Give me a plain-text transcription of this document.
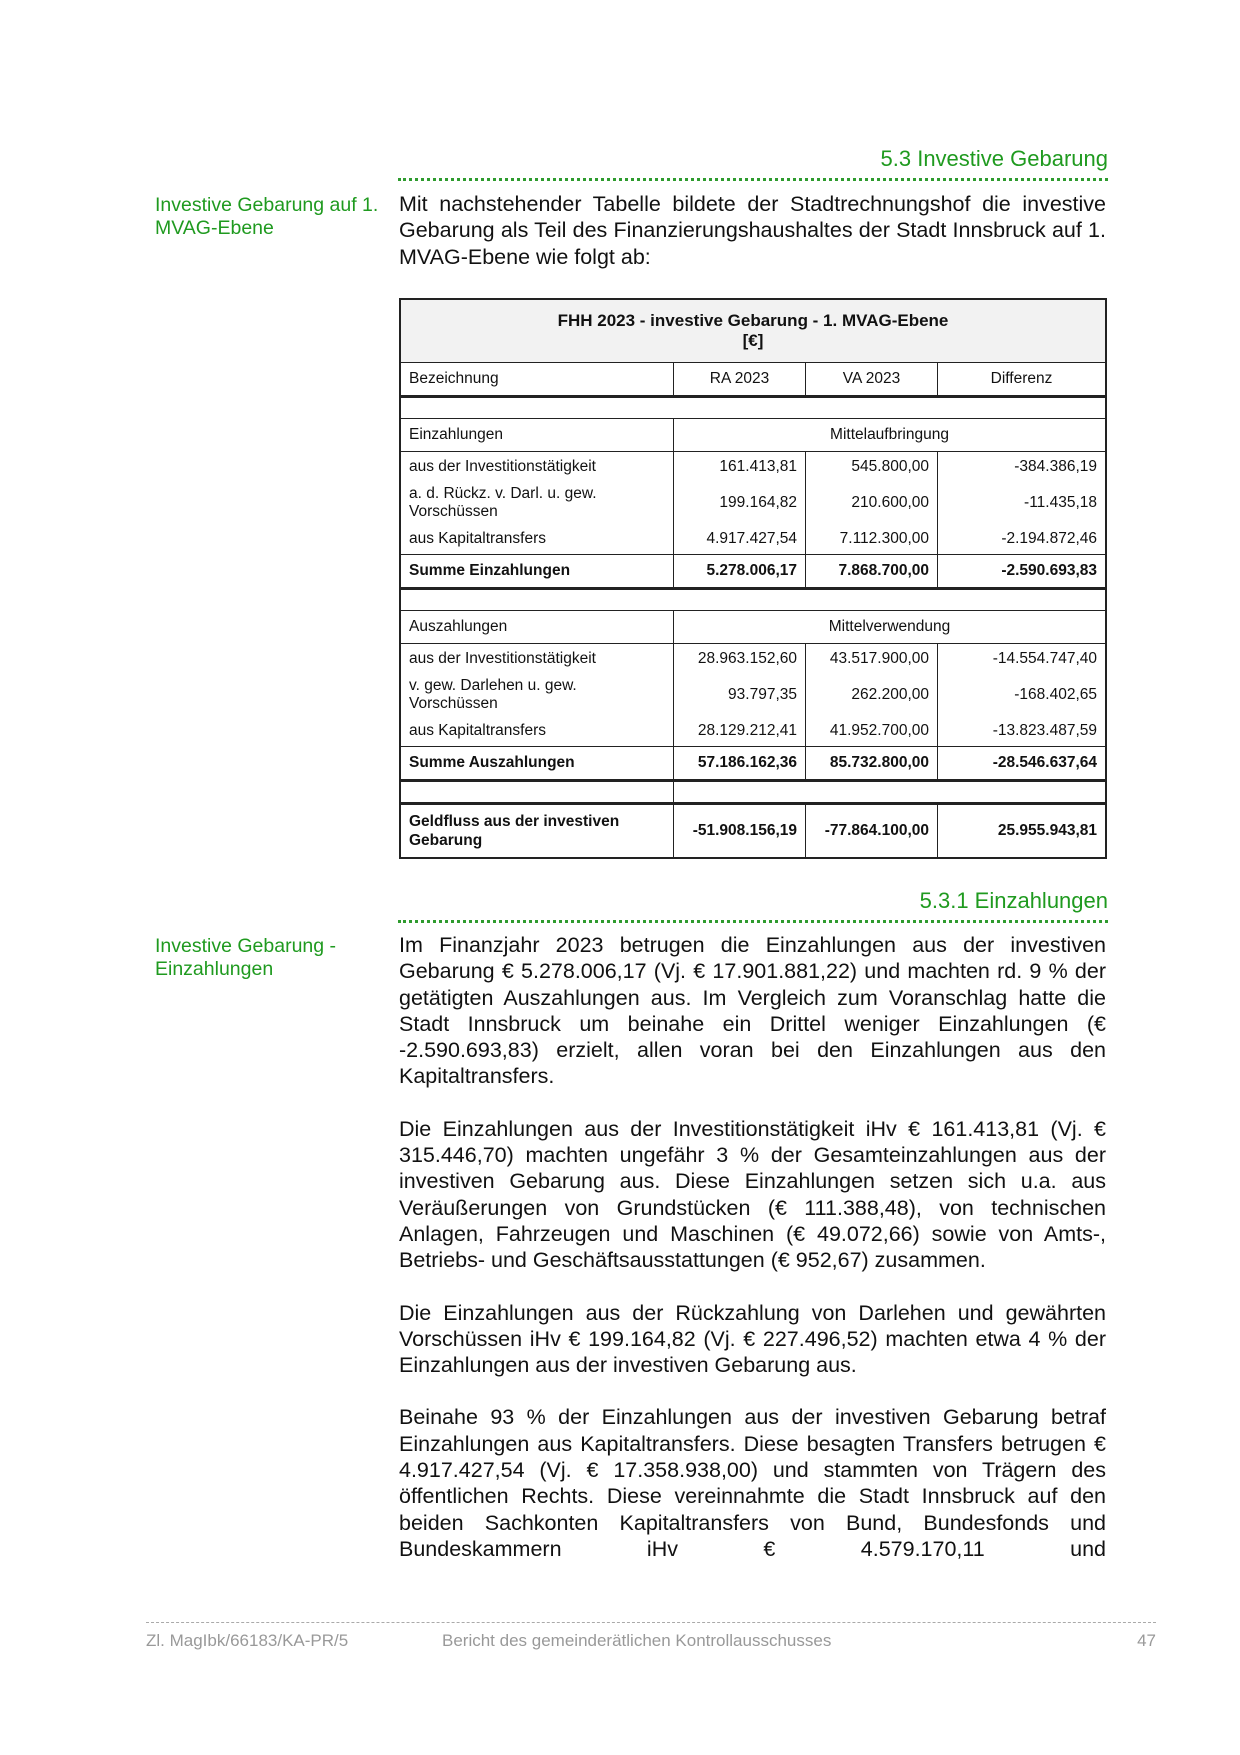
5.3 Investive Gebarung
Investive Gebarung auf 1. MVAG-Ebene

Mit nachstehender Tabelle bildete der Stadtrechnungshof die investive Gebarung als Teil des Finanzierungshaushaltes der Stadt Innsbruck auf 1. MVAG-Ebene wie folgt ab:

FHH 2023 - investive Gebarung - 1. MVAG-Ebene
[€]			
Bezeichnung	RA 2023	VA 2023	Differenz

Einzahlungen	Mittelaufbringung		
aus der Investitionstätigkeit	161.413,81	545.800,00	-384.386,19
a. d. Rückz. v. Darl. u. gew. Vorschüssen	199.164,82	210.600,00	-11.435,18
aus Kapitaltransfers	4.917.427,54	7.112.300,00	-2.194.872,46
Summe Einzahlungen	5.278.006,17	7.868.700,00	-2.590.693,83

Auszahlungen	Mittelverwendung		
aus der Investitionstätigkeit	28.963.152,60	43.517.900,00	-14.554.747,40
v. gew. Darlehen u. gew. Vorschüssen	93.797,35	262.200,00	-168.402,65
aus Kapitaltransfers	28.129.212,41	41.952.700,00	-13.823.487,59
Summe Auszahlungen	57.186.162,36	85.732.800,00	-28.546.637,64

Geldfluss aus der investiven Gebarung	-51.908.156,19	-77.864.100,00	25.955.943,81
5.3.1 Einzahlungen
Investive Gebarung - Einzahlungen

Im Finanzjahr 2023 betrugen die Einzahlungen aus der investiven Gebarung € 5.278.006,17 (Vj. € 17.901.881,22) und machten rd. 9 % der getätigten Auszahlungen aus. Im Vergleich zum Voranschlag hatte die Stadt Innsbruck um beinahe ein Drittel weniger Einzahlungen (€ -2.590.693,83) erzielt, allen voran bei den Einzahlungen aus den Kapitaltransfers.

Die Einzahlungen aus der Investitionstätigkeit iHv € 161.413,81 (Vj. € 315.446,70) machten ungefähr 3 % der Gesamteinzahlungen aus der investiven Gebarung aus. Diese Einzahlungen setzen sich u.a. aus Veräußerungen von Grundstücken (€ 111.388,48), von technischen Anlagen, Fahrzeugen und Maschinen (€ 49.072,66) sowie von Amts-, Betriebs- und Geschäftsausstattungen (€ 952,67) zusammen.

Die Einzahlungen aus der Rückzahlung von Darlehen und gewährten Vorschüssen iHv € 199.164,82 (Vj. € 227.496,52) machten etwa 4 % der Einzahlungen aus der investiven Gebarung aus.

Beinahe 93 % der Einzahlungen aus der investiven Gebarung betraf Einzahlungen aus Kapitaltransfers. Diese besagten Transfers betrugen € 4.917.427,54 (Vj. € 17.358.938,00) und stammten von Trägern des öffentlichen Rechts. Diese vereinnahmte die Stadt Innsbruck auf den beiden Sachkonten Kapitaltransfers von Bund, Bundesfonds und Bundeskammern iHv € 4.579.170,11 und

Zl. MagIbk/66183/KA-PR/5	Bericht des gemeinderätlichen Kontrollausschusses	47
